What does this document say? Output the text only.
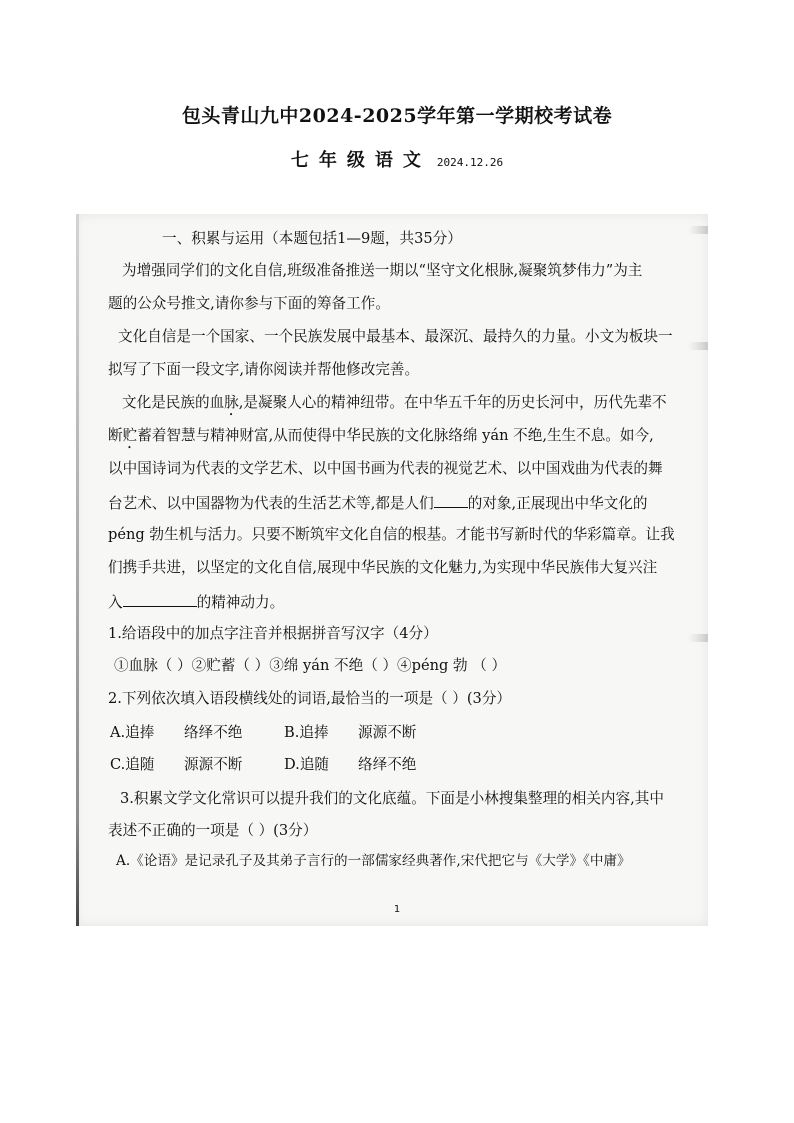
包头青山九中2024-2025学年第一学期校考试卷
七年级语文 2024.12.26
一、积累与运用（本题包括1—9题，共35分）
为增强同学们的文化自信,班级准备推送一期以“坚守文化根脉,凝聚筑梦伟力”为主
题的公众号推文,请你参与下面的筹备工作。
文化自信是一个国家、一个民族发展中最基本、最深沉、最持久的力量。小文为板块一
拟写了下面一段文字,请你阅读并帮他修改完善。
文化是民族的血脉,是凝聚人心的精神纽带。在中华五千年的历史长河中，历代先辈不
断贮蓄着智慧与精神财富,从而使得中华民族的文化脉络绵 yán 不绝,生生不息。如今,
以中国诗词为代表的文学艺术、以中国书画为代表的视觉艺术、以中国戏曲为代表的舞
台艺术、以中国器物为代表的生活艺术等,都是人们 的对象,正展现出中华文化的
péng 勃生机与活力。只要不断筑牢文化自信的根基。才能书写新时代的华彩篇章。让我
们携手共进，以坚定的文化自信,展现中华民族的文化魅力,为实现中华民族伟大复兴注
入	的精神动力。
1.给语段中的加点字注音并根据拼音写汉字（4分）
①血脉（ ）②贮蓄（ ）③绵 yán 不绝（ ）④péng 勃 （ ）
2.下列依次填入语段横线处的词语,最恰当的一项是（ ）(3分）
A.追捧 络绎不绝	B.追捧 源源不断
C.追随 源源不断	D.追随 络绎不绝
3.积累文学文化常识可以提升我们的文化底蕴。下面是小林搜集整理的相关内容,其中
表述不正确的一项是（ ）(3分）
A.《论语》是记录孔子及其弟子言行的一部儒家经典著作,宋代把它与《大学》《中庸》
1
